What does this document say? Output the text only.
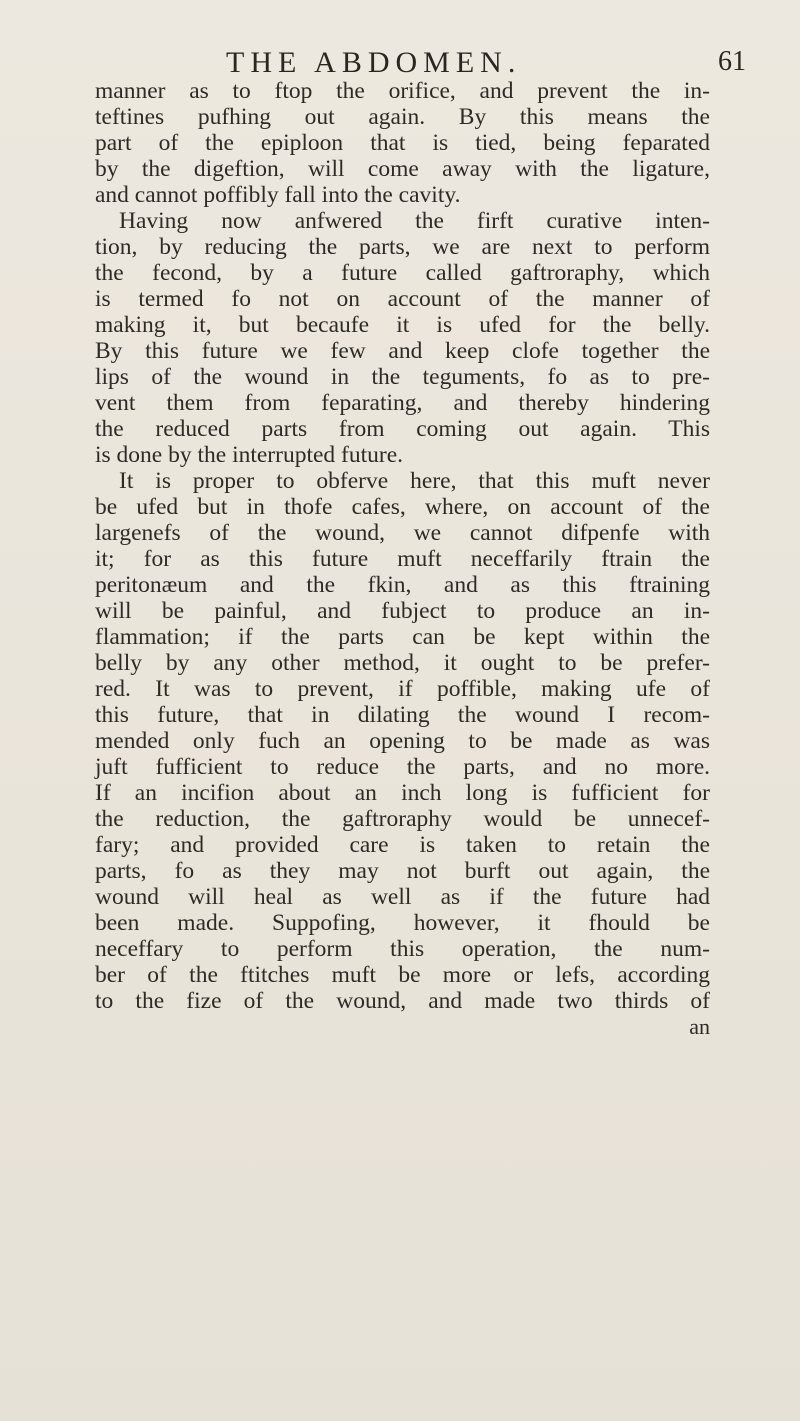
THE ABDOMEN.	61
manner as to ftop the orifice, and prevent the in-
teftines pufhing out again. By this means the
part of the epiploon that is tied, being feparated
by the digeftion, will come away with the ligature,
and cannot poffibly fall into the cavity.
Having now anfwered the firft curative inten-
tion, by reducing the parts, we are next to perform
the fecond, by a future called gaftroraphy, which
is termed fo not on account of the manner of
making it, but becaufe it is ufed for the belly.
By this future we few and keep clofe together the
lips of the wound in the teguments, fo as to pre-
vent them from feparating, and thereby hindering
the reduced parts from coming out again. This
is done by the interrupted future.
It is proper to obferve here, that this muft never
be ufed but in thofe cafes, where, on account of the
largenefs of the wound, we cannot difpenfe with
it; for as this future muft neceffarily ftrain the
peritonæum and the fkin, and as this ftraining
will be painful, and fubject to produce an in-
flammation; if the parts can be kept within the
belly by any other method, it ought to be prefer-
red. It was to prevent, if poffible, making ufe of
this future, that in dilating the wound I recom-
mended only fuch an opening to be made as was
juft fufficient to reduce the parts, and no more.
If an incifion about an inch long is fufficient for
the reduction, the gaftroraphy would be unnecef-
fary; and provided care is taken to retain the
parts, fo as they may not burft out again, the
wound will heal as well as if the future had
been made. Suppofing, however, it fhould be
neceffary to perform this operation, the num-
ber of the ftitches muft be more or lefs, according
to the fize of the wound, and made two thirds of
an
